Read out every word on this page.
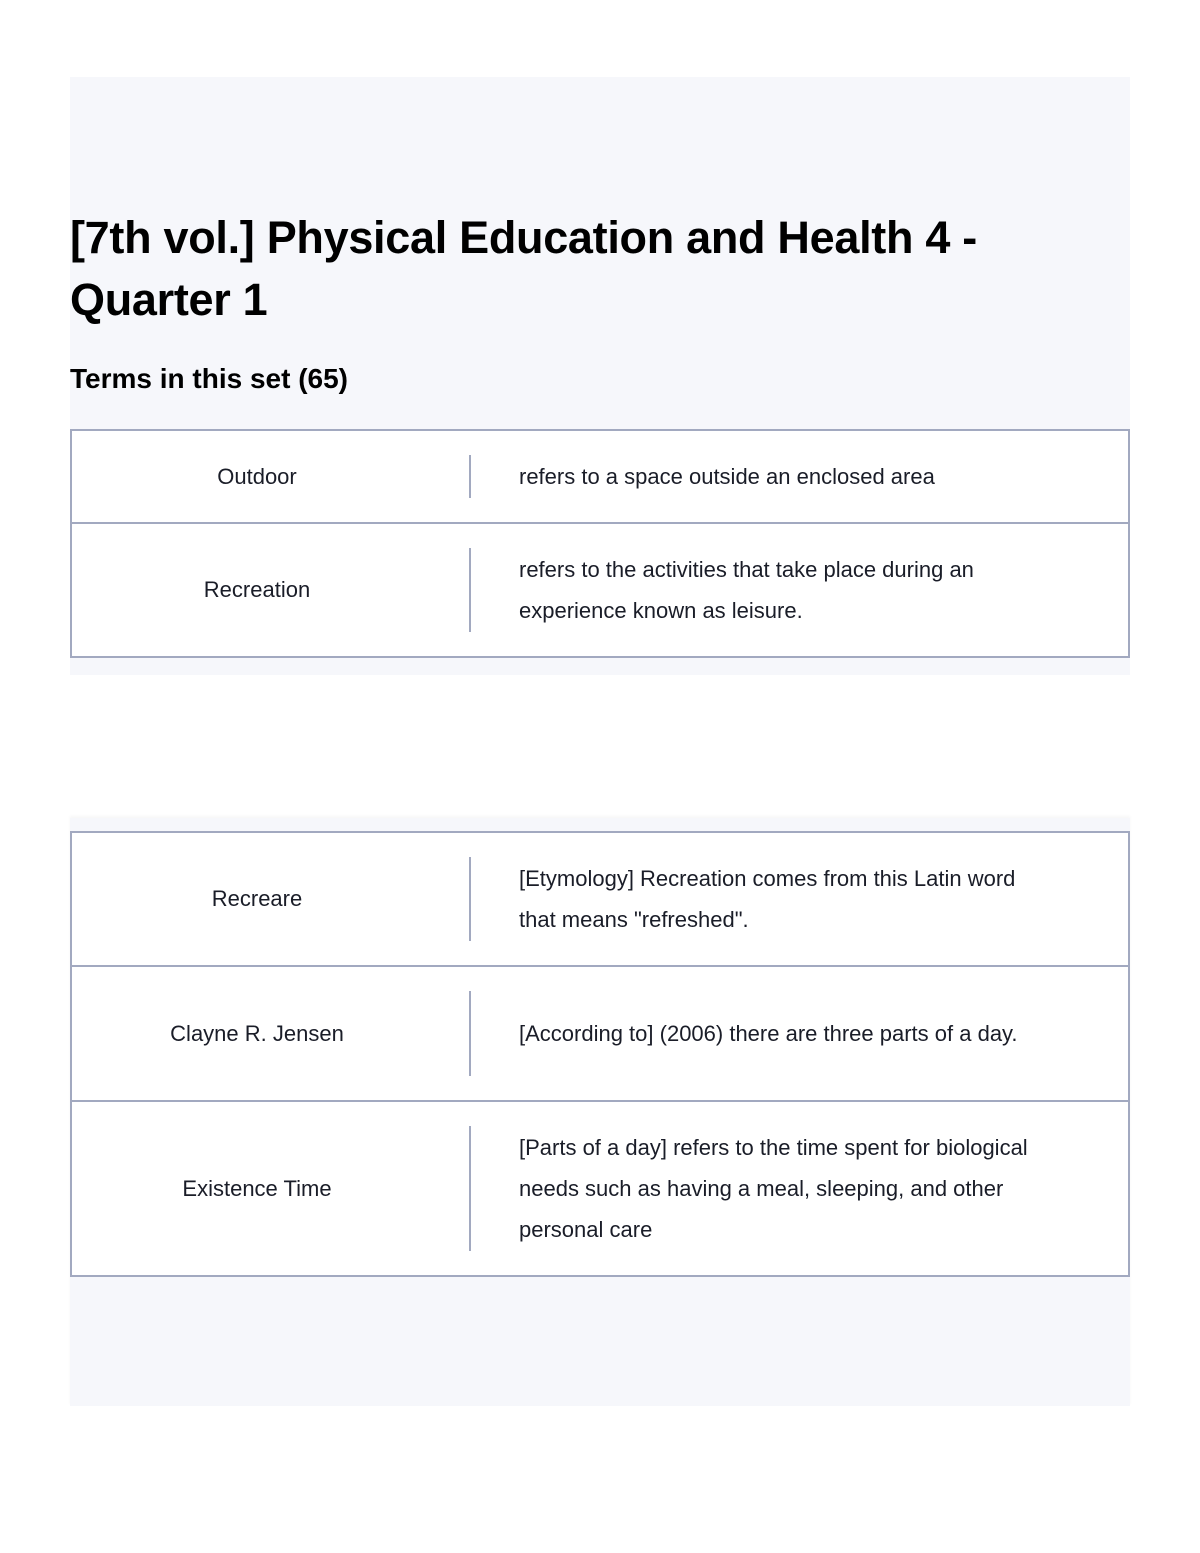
[7th vol.] Physical Education and Health 4 - Quarter 1
Terms in this set (65)
Outdoor	refers to a space outside an enclosed area
Recreation
refers to the activities that take place during an experience known as leisure.
Recreare
[Etymology] Recreation comes from this Latin word that means "refreshed".
Clayne R. Jensen	[According to] (2006) there are three parts of a day.
Existence Time
[Parts of a day] refers to the time spent for biological needs such as having a meal, sleeping, and other personal care
